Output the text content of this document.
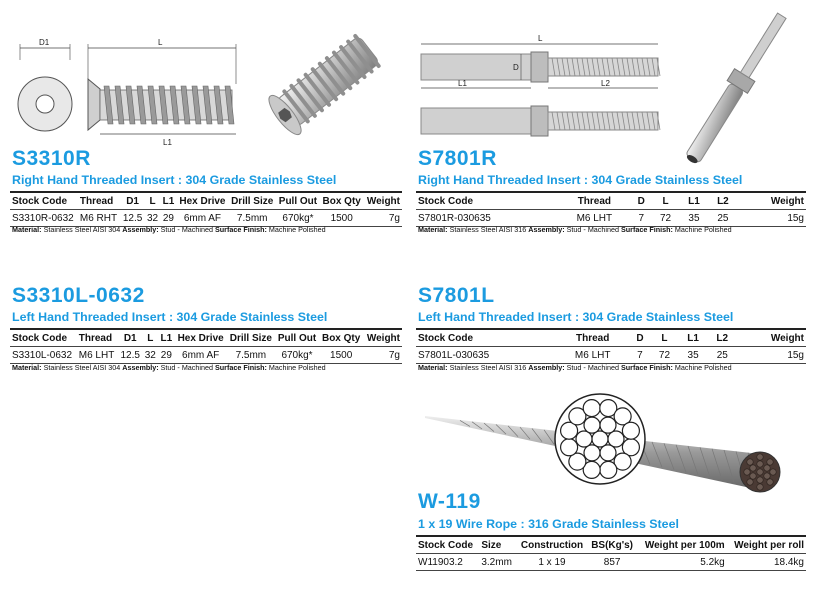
D1	L
L1
L
D
L1	L2
S3310R
Right Hand Threaded Insert : 304 Grade Stainless Steel
Stock Code	Thread	D1	L	L1	Hex Drive	Drill Size	Pull Out	Box Qty	Weight
S3310R-0632	M6 RHT	12.5	32	29	6mm AF	7.5mm	670kg*	1500	7g
Material: Stainless Steel AISI 304 Assembly: Stud - Machined Surface Finish: Machine Polished
S7801R
Right Hand Threaded Insert : 304 Grade Stainless Steel
Stock Code	Thread	D	L	L1	L2	Weight
S7801R-030635	M6 LHT	7	72	35	25	15g
Material: Stainless Steel AISI 316 Assembly: Stud - Machined Surface Finish: Machine Polished
S3310L-0632
Left Hand Threaded Insert : 304 Grade Stainless Steel
Stock Code	Thread	D1	L	L1	Hex Drive	Drill Size	Pull Out	Box Qty	Weight
S3310L-0632	M6 LHT	12.5	32	29	6mm AF	7.5mm	670kg*	1500	7g
Material: Stainless Steel AISI 304 Assembly: Stud - Machined Surface Finish: Machine Polished
S7801L
Left Hand Threaded Insert : 304 Grade Stainless Steel
Stock Code	Thread	D	L	L1	L2	Weight
S7801L-030635	M6 LHT	7	72	35	25	15g
Material: Stainless Steel AISI 316 Assembly: Stud - Machined Surface Finish: Machine Polished
W-119
1 x 19 Wire Rope : 316 Grade Stainless Steel
Stock Code	Size	Construction	BS(Kg's)	Weight per 100m	Weight per roll
W11903.2	3.2mm	1 x 19	857	5.2kg	18.4kg
